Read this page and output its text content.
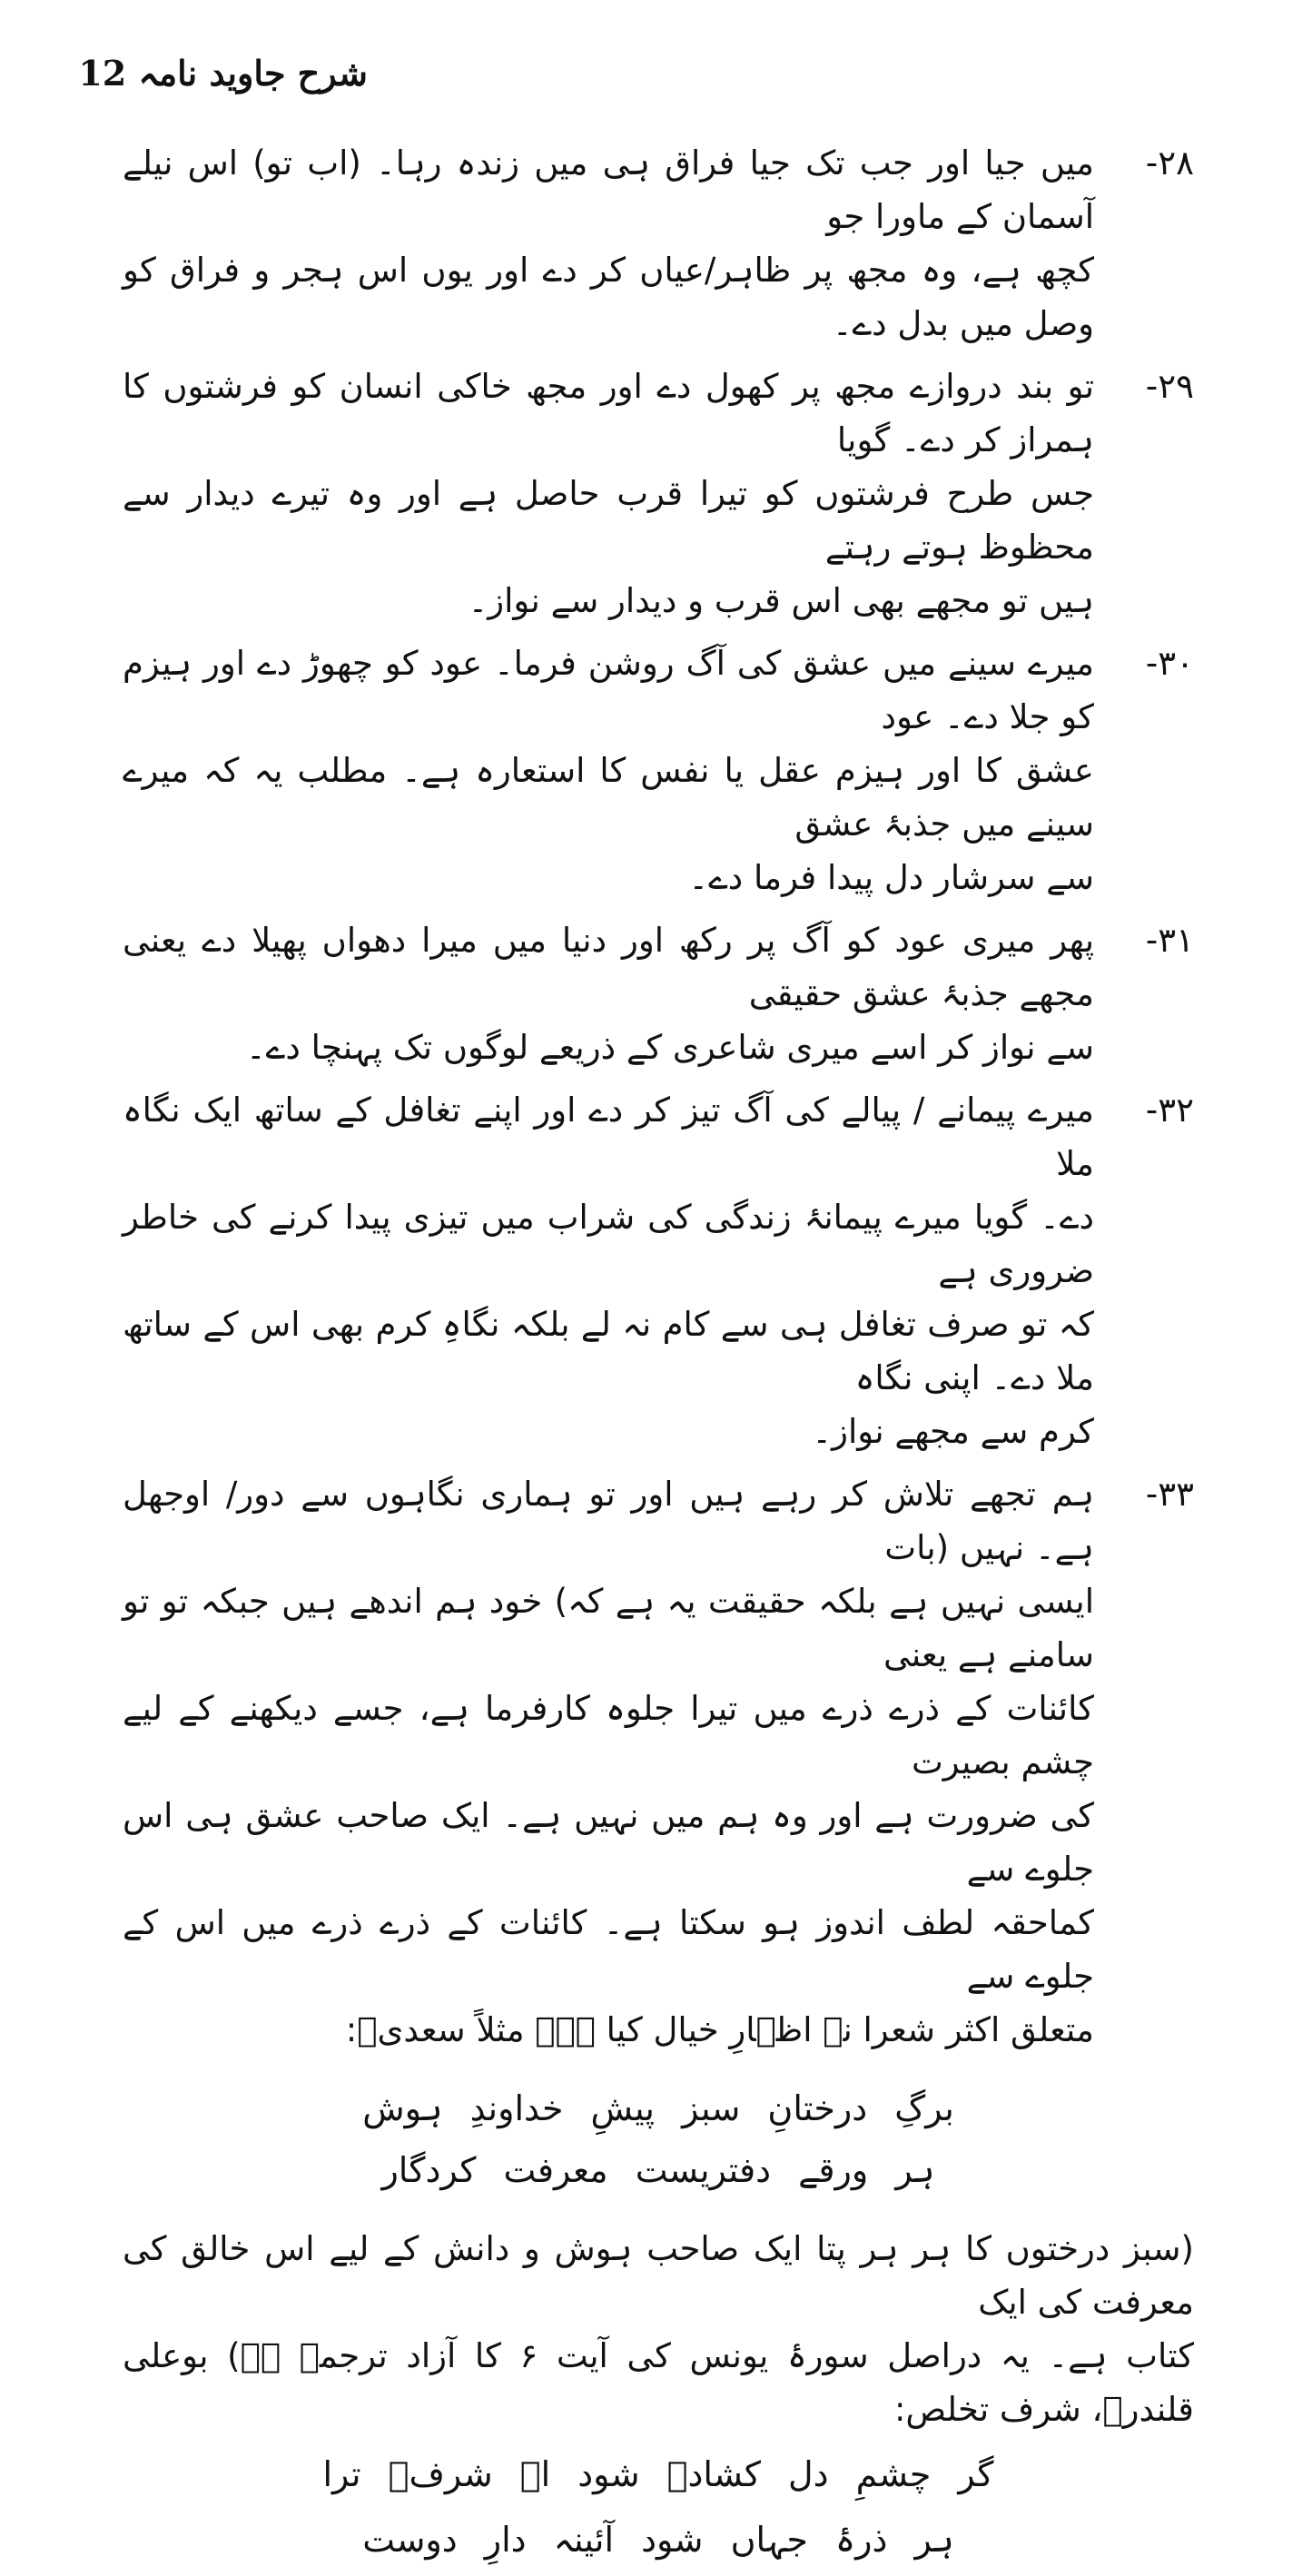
شرح جاوید نامہ 12
۲۸-

میں جیا اور جب تک جیا فراق ہی میں زندہ رہا۔ (اب تو) اس نیلے آسمان کے ماورا جو

کچھ ہے، وہ مجھ پر ظاہر/عیاں کر دے اور یوں اس ہجر و فراق کو وصل میں بدل دے۔

۲۹-

تو بند دروازے مجھ پر کھول دے اور مجھ خاکی انسان کو فرشتوں کا ہمراز کر دے۔ گویا

جس طرح فرشتوں کو تیرا قرب حاصل ہے اور وہ تیرے دیدار سے محظوظ ہوتے رہتے

ہیں تو مجھے بھی اس قرب و دیدار سے نواز۔

۳۰-

میرے سینے میں عشق کی آگ روشن فرما۔ عود کو چھوڑ دے اور ہیزم کو جلا دے۔ عود

عشق کا اور ہیزم عقل یا نفس کا استعارہ ہے۔ مطلب یہ کہ میرے سینے میں جذبۂ عشق

سے سرشار دل پیدا فرما دے۔

۳۱-

پھر میری عود کو آگ پر رکھ اور دنیا میں میرا دھواں پھیلا دے یعنی مجھے جذبۂ عشق حقیقی

سے نواز کر اسے میری شاعری کے ذریعے لوگوں تک پہنچا دے۔

۳۲-

میرے پیمانے / پیالے کی آگ تیز کر دے اور اپنے تغافل کے ساتھ ایک نگاہ ملا

دے۔ گویا میرے پیمانۂ زندگی کی شراب میں تیزی پیدا کرنے کی خاطر ضروری ہے

کہ تو صرف تغافل ہی سے کام نہ لے بلکہ نگاہِ کرم بھی اس کے ساتھ ملا دے۔ اپنی نگاہ

کرم سے مجھے نواز۔

۳۳-

ہم تجھے تلاش کر رہے ہیں اور تو ہماری نگاہوں سے دور/ اوجھل ہے۔ نہیں (بات

ایسی نہیں ہے بلکہ حقیقت یہ ہے کہ) خود ہم اندھے ہیں جبکہ تو تو سامنے ہے یعنی

کائنات کے ذرے ذرے میں تیرا جلوہ کارفرما ہے، جسے دیکھنے کے لیے چشم بصیرت

کی ضرورت ہے اور وہ ہم میں نہیں ہے۔ ایک صاحب عشق ہی اس جلوے سے

کماحقہ لطف اندوز ہو سکتا ہے۔ کائنات کے ذرے ذرے میں اس کے جلوے سے

متعلق اکثر شعرا نے اظہارِ خیال کیا ہے۔ مثلاً سعدیؒ:

برگِ درختانِ سبز پیشِ خداوندِ ہوش
ہر ورقے دفتریست معرفت کردگار

(سبز درختوں کا ہر ہر پتا ایک صاحب ہوش و دانش کے لیے اس خالق کی معرفت کی ایک

کتاب ہے۔ یہ دراصل سورۂ یونس کی آیت ۶ کا آزاد ترجمہ ہے) بوعلی قلندرؒ، شرف تخلص:

گر چشمِ دل کشادہ شود اے شرفؔ ترا
ہر ذرۂ جہاں شود آئینہ دارِ دوست
